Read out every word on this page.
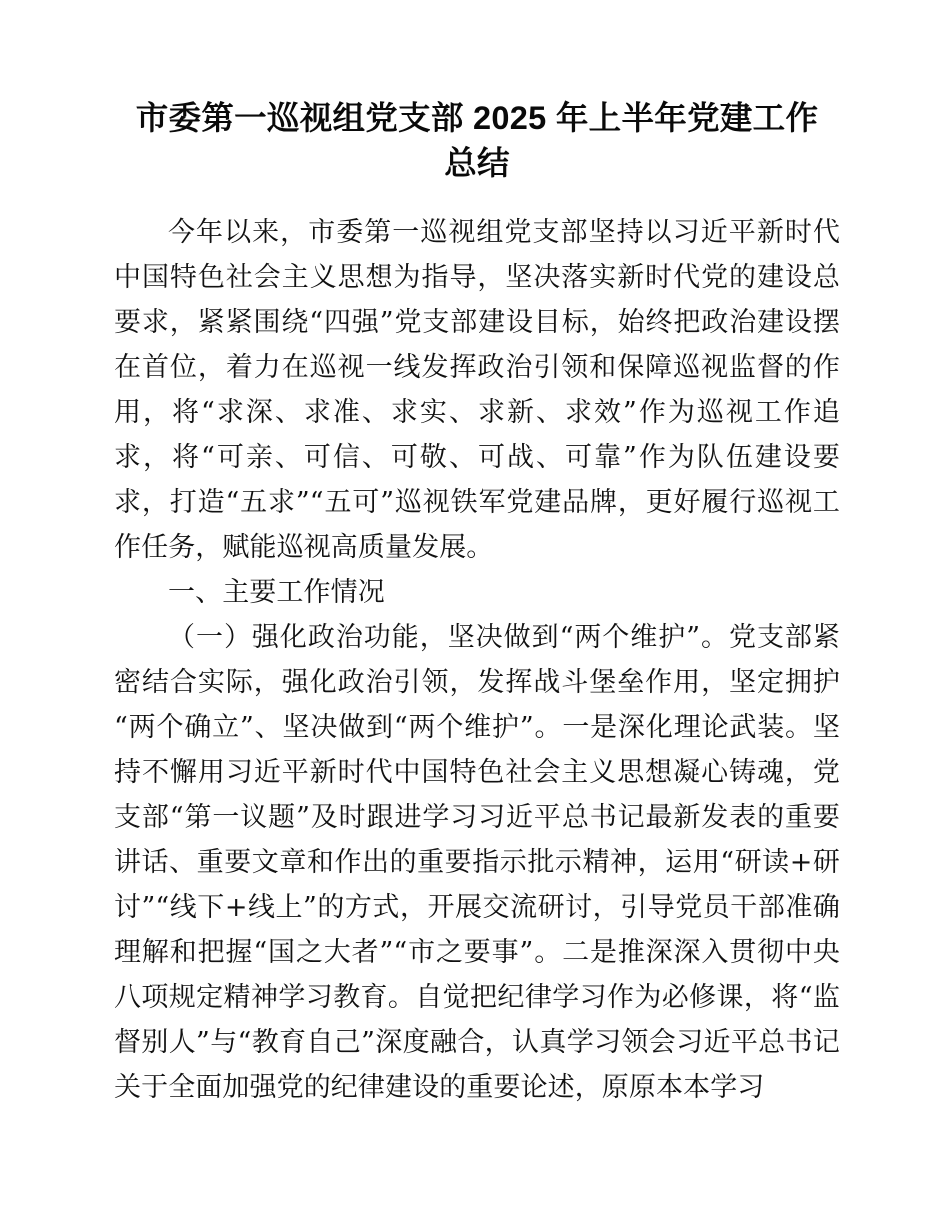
市委第一巡视组党支部 2025 年上半年党建工作
总结

今年以来，市委第一巡视组党支部坚持以习近平新时代中国特色社会主义思想为指导，坚决落实新时代党的建设总要求，紧紧围绕“四强”党支部建设目标，始终把政治建设摆在首位，着力在巡视一线发挥政治引领和保障巡视监督的作用，将“求深、求准、求实、求新、求效”作为巡视工作追求，将“可亲、可信、可敬、可战、可靠”作为队伍建设要求，打造“五求”“五可”巡视铁军党建品牌，更好履行巡视工作任务，赋能巡视高质量发展。

一、主要工作情况

（一）强化政治功能，坚决做到“两个维护”。党支部紧密结合实际，强化政治引领，发挥战斗堡垒作用，坚定拥护“两个确立”、坚决做到“两个维护”。一是深化理论武装。坚持不懈用习近平新时代中国特色社会主义思想凝心铸魂，党支部“第一议题”及时跟进学习习近平总书记最新发表的重要讲话、重要文章和作出的重要指示批示精神，运用“研读+研讨”“线下+线上”的方式，开展交流研讨，引导党员干部准确理解和把握“国之大者”“市之要事”。二是推深深入贯彻中央八项规定精神学习教育。自觉把纪律学习作为必修课，将“监督别人”与“教育自己”深度融合，认真学习领会习近平总书记关于全面加强党的纪律建设的重要论述，原原本本学习
